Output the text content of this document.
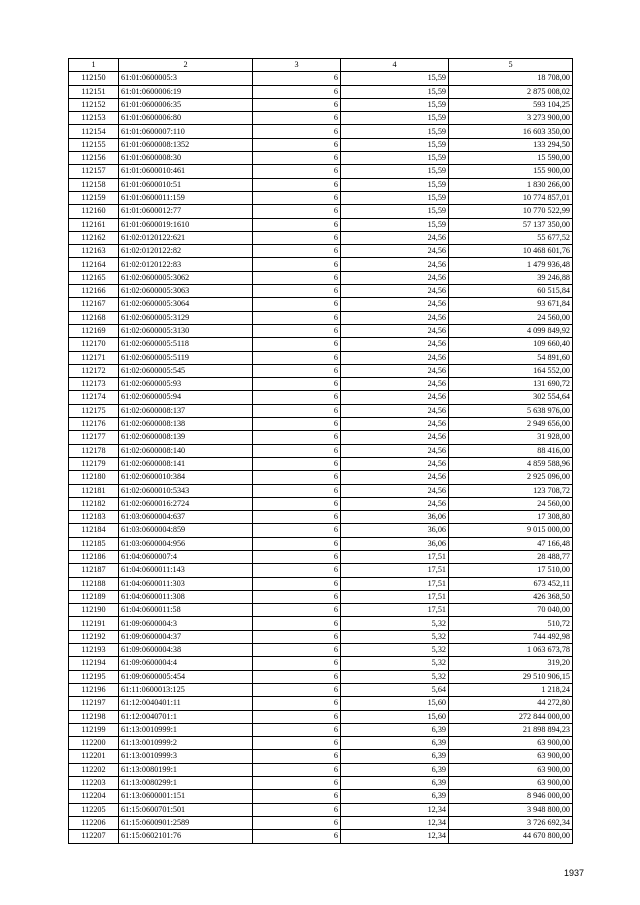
1	2	3	4	5
112150	61:01:0600005:3	6	15,59	18 708,00
112151	61:01:0600006:19	6	15,59	2 875 008,02
112152	61:01:0600006:35	6	15,59	593 104,25
112153	61:01:0600006:80	6	15,59	3 273 900,00
112154	61:01:0600007:110	6	15,59	16 603 350,00
112155	61:01:0600008:1352	6	15,59	133 294,50
112156	61:01:0600008:30	6	15,59	15 590,00
112157	61:01:0600010:461	6	15,59	155 900,00
112158	61:01:0600010:51	6	15,59	1 830 266,00
112159	61:01:0600011:159	6	15,59	10 774 857,01
112160	61:01:0600012:77	6	15,59	10 770 522,99
112161	61:01:0600019:1610	6	15,59	57 137 350,00
112162	61:02:0120122:621	6	24,56	55 677,52
112163	61:02:0120122:82	6	24,56	10 468 601,76
112164	61:02:0120122:83	6	24,56	1 479 936,48
112165	61:02:0600005:3062	6	24,56	39 246,88
112166	61:02:0600005:3063	6	24,56	60 515,84
112167	61:02:0600005:3064	6	24,56	93 671,84
112168	61:02:0600005:3129	6	24,56	24 560,00
112169	61:02:0600005:3130	6	24,56	4 099 849,92
112170	61:02:0600005:5118	6	24,56	109 660,40
112171	61:02:0600005:5119	6	24,56	54 891,60
112172	61:02:0600005:545	6	24,56	164 552,00
112173	61:02:0600005:93	6	24,56	131 690,72
112174	61:02:0600005:94	6	24,56	302 554,64
112175	61:02:0600008:137	6	24,56	5 638 976,00
112176	61:02:0600008:138	6	24,56	2 949 656,00
112177	61:02:0600008:139	6	24,56	31 928,00
112178	61:02:0600008:140	6	24,56	88 416,00
112179	61:02:0600008:141	6	24,56	4 859 588,96
112180	61:02:0600010:384	6	24,56	2 925 096,00
112181	61:02:0600010:5343	6	24,56	123 708,72
112182	61:02:0600016:2724	6	24,56	24 560,00
112183	61:03:0600004:637	6	36,06	17 308,80
112184	61:03:0600004:859	6	36,06	9 015 000,00
112185	61:03:0600004:956	6	36,06	47 166,48
112186	61:04:0600007:4	6	17,51	28 488,77
112187	61:04:0600011:143	6	17,51	17 510,00
112188	61:04:0600011:303	6	17,51	673 452,11
112189	61:04:0600011:308	6	17,51	426 368,50
112190	61:04:0600011:58	6	17,51	70 040,00
112191	61:09:0600004:3	6	5,32	510,72
112192	61:09:0600004:37	6	5,32	744 492,98
112193	61:09:0600004:38	6	5,32	1 063 673,78
112194	61:09:0600004:4	6	5,32	319,20
112195	61:09:0600005:454	6	5,32	29 510 906,15
112196	61:11:0600013:125	6	5,64	1 218,24
112197	61:12:0040401:11	6	15,60	44 272,80
112198	61:12:0040701:1	6	15,60	272 844 000,00
112199	61:13:0010999:1	6	6,39	21 898 894,23
112200	61:13:0010999:2	6	6,39	63 900,00
112201	61:13:0010999:3	6	6,39	63 900,00
112202	61:13:0080199:1	6	6,39	63 900,00
112203	61:13:0080299:1	6	6,39	63 900,00
112204	61:13:0600001:151	6	6,39	8 946 000,00
112205	61:15:0600701:501	6	12,34	3 948 800,00
112206	61:15:0600901:2589	6	12,34	3 726 692,34
112207	61:15:0602101:76	6	12,34	44 670 800,00
1937
